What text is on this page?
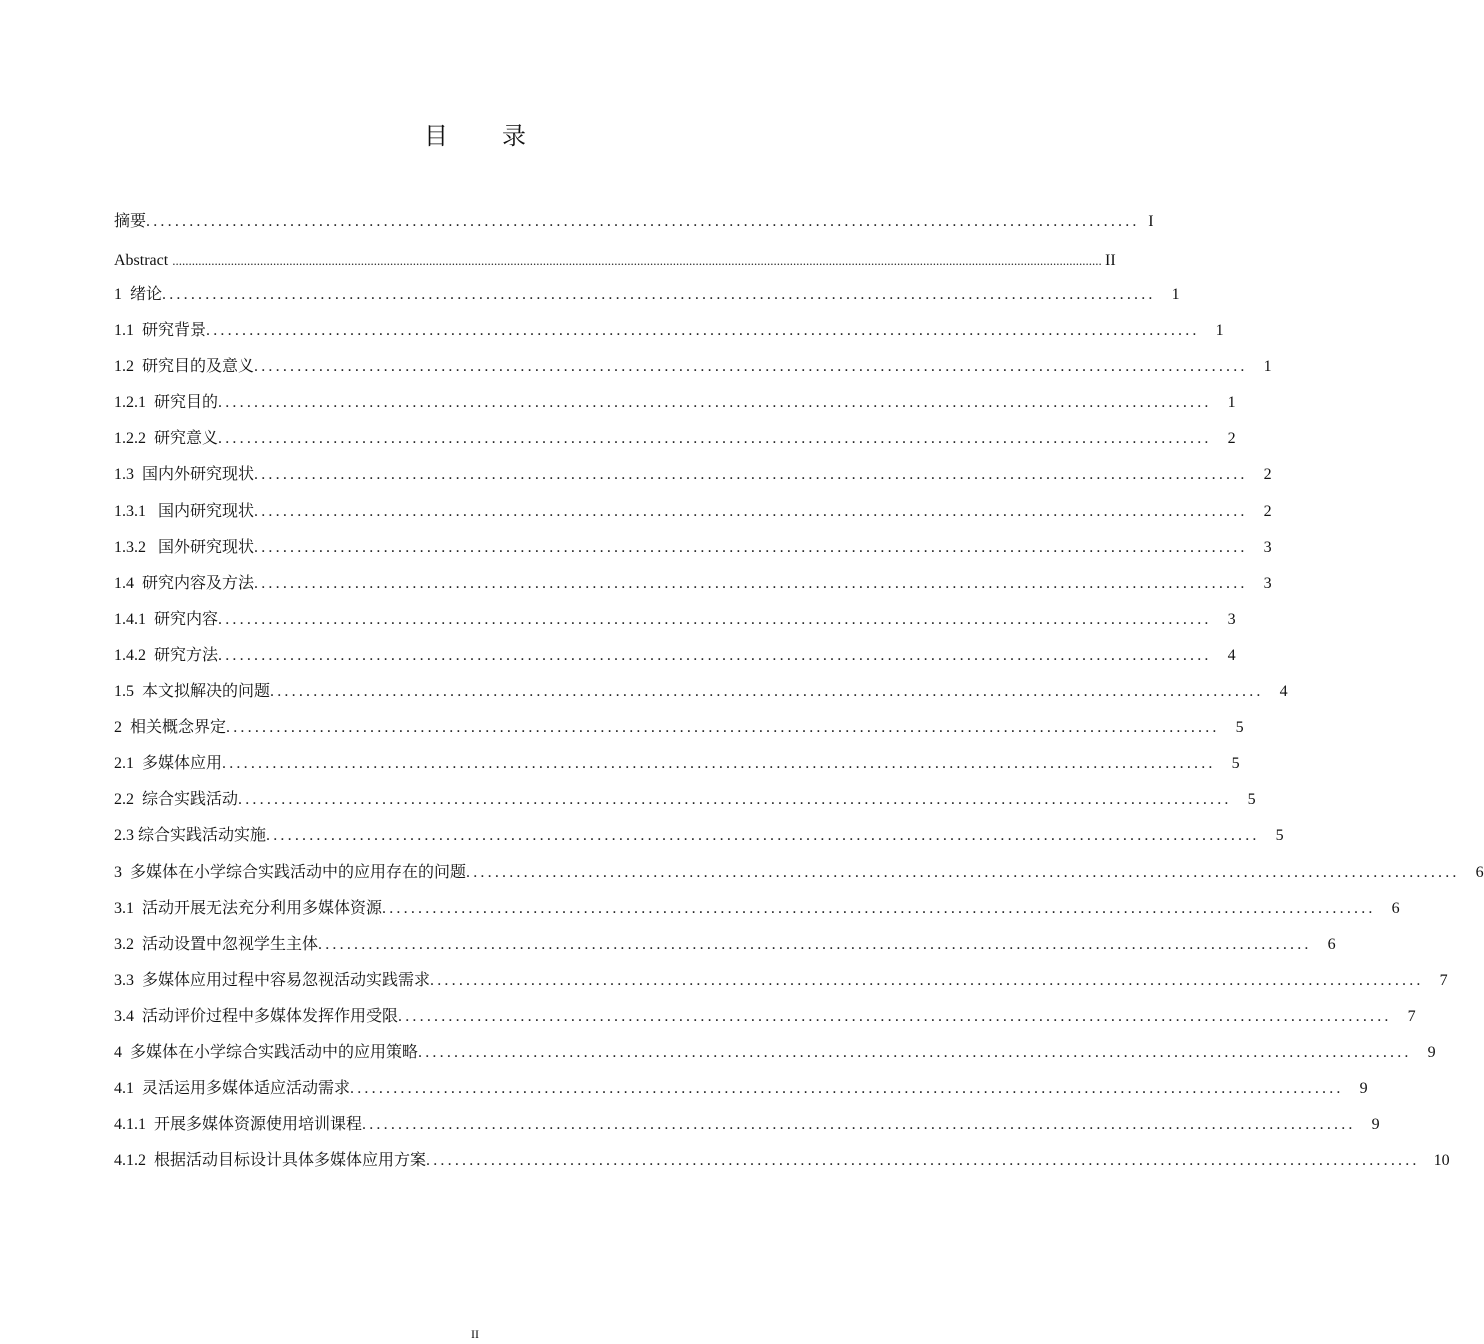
目 录
摘要 .......................................................................................................................................... I
Abstract .............................................................................................................................................................................................................................................................................................. II
1  绪论 ..........................................................................................................................................	1
1.1  研究背景 ..........................................................................................................................................	1
1.2  研究目的及意义 ..........................................................................................................................................	1
1.2.1  研究目的 ..........................................................................................................................................	1
1.2.2  研究意义 ..........................................................................................................................................	2
1.3  国内外研究现状 ..........................................................................................................................................	2
1.3.1   国内研究现状 ..........................................................................................................................................	2
1.3.2   国外研究现状 ..........................................................................................................................................	3
1.4  研究内容及方法 ..........................................................................................................................................	3
1.4.1  研究内容 ..........................................................................................................................................	3
1.4.2  研究方法 ..........................................................................................................................................	4
1.5  本文拟解决的问题 ..........................................................................................................................................	4
2  相关概念界定 ..........................................................................................................................................	5
2.1  多媒体应用 ..........................................................................................................................................	5
2.2  综合实践活动 ..........................................................................................................................................	5
2.3 综合实践活动实施 ..........................................................................................................................................	5
3  多媒体在小学综合实践活动中的应用存在的问题 ..........................................................................................................................................	6
3.1  活动开展无法充分利用多媒体资源 ..........................................................................................................................................	6
3.2  活动设置中忽视学生主体 ..........................................................................................................................................	6
3.3  多媒体应用过程中容易忽视活动实践需求 ..........................................................................................................................................	7
3.4  活动评价过程中多媒体发挥作用受限 ..........................................................................................................................................	7
4  多媒体在小学综合实践活动中的应用策略 ..........................................................................................................................................	9
4.1  灵活运用多媒体适应活动需求 ..........................................................................................................................................	9
4.1.1  开展多媒体资源使用培训课程 ..........................................................................................................................................	9
4.1.2  根据活动目标设计具体多媒体应用方案 .......................................................................................................................................... 10
II
